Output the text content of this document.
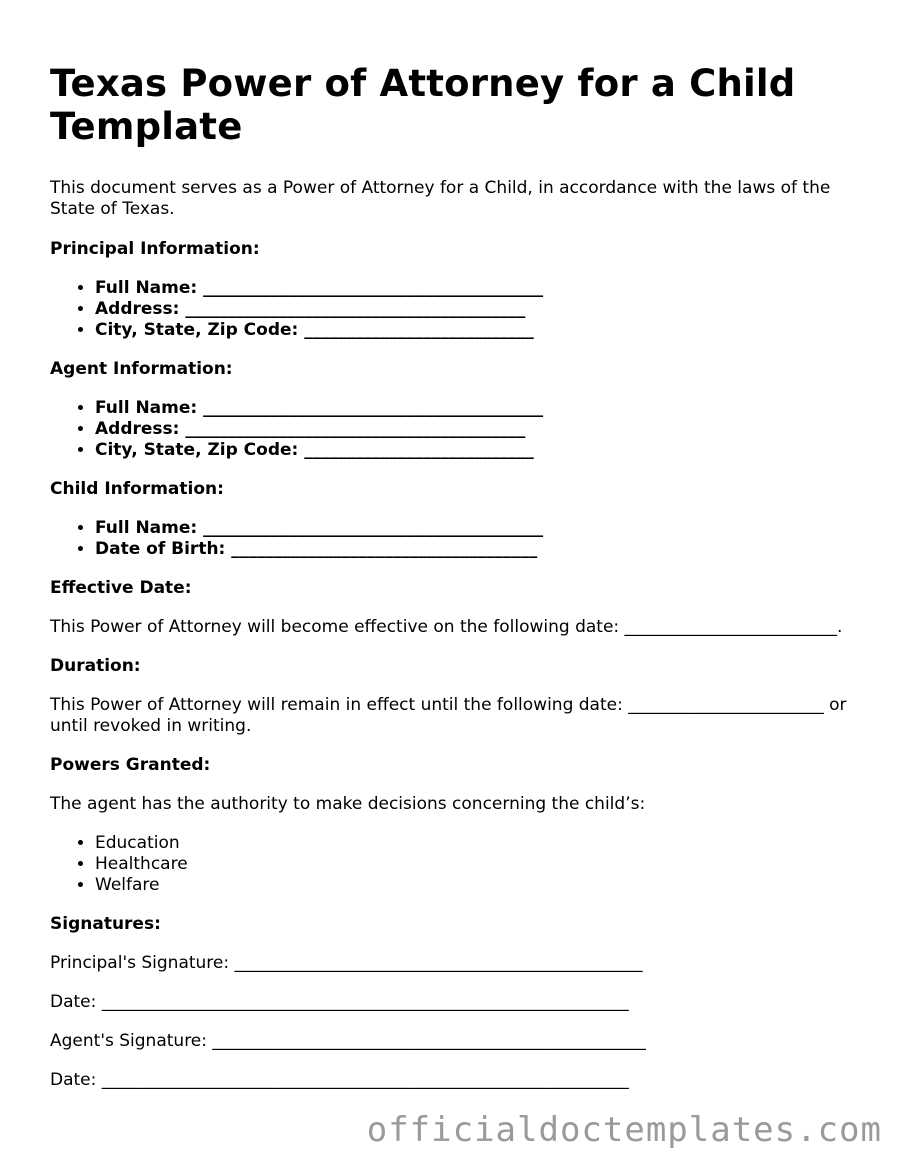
Texas Power of Attorney for a Child Template

This document serves as a Power of Attorney for a Child, in accordance with the laws of the State of Texas.

Principal Information:
• Full Name: ________________________________________
• Address: ________________________________________
• City, State, Zip Code: ___________________________
Agent Information:
• Full Name: ________________________________________
• Address: ________________________________________
• City, State, Zip Code: ___________________________
Child Information:
• Full Name: ________________________________________
• Date of Birth: ____________________________________
Effective Date:

This Power of Attorney will become effective on the following date: _________________________.

Duration:

This Power of Attorney will remain in effect until the following date: _______________________ or until revoked in writing.

Powers Granted:

The agent has the authority to make decisions concerning the child’s:

• Education
• Healthcare
• Welfare
Signatures:

Principal's Signature: ________________________________________________

Date: ______________________________________________________________

Agent's Signature: ___________________________________________________

Date: ______________________________________________________________

officialdoctemplates.com
